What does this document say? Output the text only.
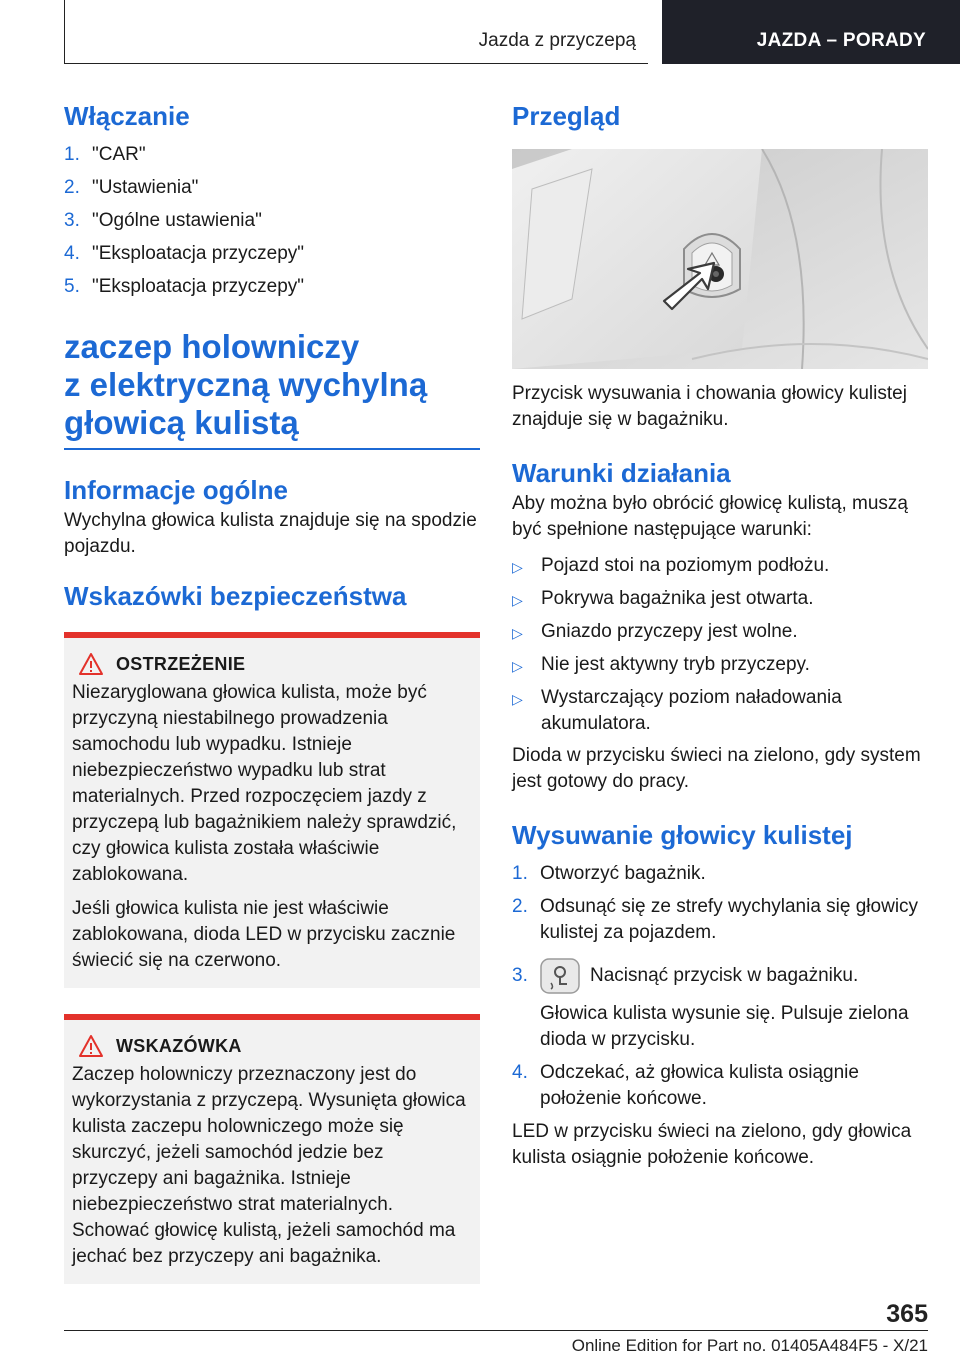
Jazda z przyczepą	JAZDA – PORADY
Włączanie
1. "CAR"
2. "Ustawienia"
3. "Ogólne ustawienia"
4. "Eksploatacja przyczepy"
5. "Eksploatacja przyczepy"
zaczep holowniczy
z elektryczną wychylną
głowicą kulistą
Informacje ogólne
Wychylna głowica kulista znajduje się na spodzie pojazdu.
Wskazówki bezpieczeństwa
OSTRZEŻENIE
Niezaryglowana głowica kulista, może być przyczyną niestabilnego prowadzenia samochodu lub wypadku. Istnieje niebezpieczeństwo wypadku lub strat materialnych. Przed rozpoczęciem jazdy z przyczepą lub bagażnikiem należy sprawdzić, czy głowica kulista została właściwie zablokowana.
Jeśli głowica kulista nie jest właściwie zablokowana, dioda LED w przycisku zacznie świecić się na czerwono.
WSKAZÓWKA
Zaczep holowniczy przeznaczony jest do wykorzystania z przyczepą. Wysunięta głowica kulista zaczepu holowniczego może się skurczyć, jeżeli samochód jedzie bez przyczepy ani bagażnika. Istnieje niebezpieczeństwo strat materialnych. Schować głowicę kulistą, jeżeli samochód ma jechać bez przyczepy ani bagażnika.
Przegląd
Przycisk wysuwania i chowania głowicy kulistej znajduje się w bagażniku.
Warunki działania
Aby można było obrócić głowicę kulistą, muszą być spełnione następujące warunki:
▷ Pojazd stoi na poziomym podłożu.
▷ Pokrywa bagażnika jest otwarta.
▷ Gniazdo przyczepy jest wolne.
▷ Nie jest aktywny tryb przyczepy.
▷ Wystarczający poziom naładowania akumulatora.
Dioda w przycisku świeci na zielono, gdy system jest gotowy do pracy.
Wysuwanie głowicy kulistej
1. Otworzyć bagażnik.
2. Odsunąć się ze strefy wychylania się głowicy kulistej za pojazdem.
3.	Nacisnąć przycisk w bagażniku.
Głowica kulista wysunie się. Pulsuje zielona dioda w przycisku.
4. Odczekać, aż głowica kulista osiągnie położenie końcowe.
LED w przycisku świeci na zielono, gdy głowica kulista osiągnie położenie końcowe.
365
Online Edition for Part no. 01405A484F5 - X/21
